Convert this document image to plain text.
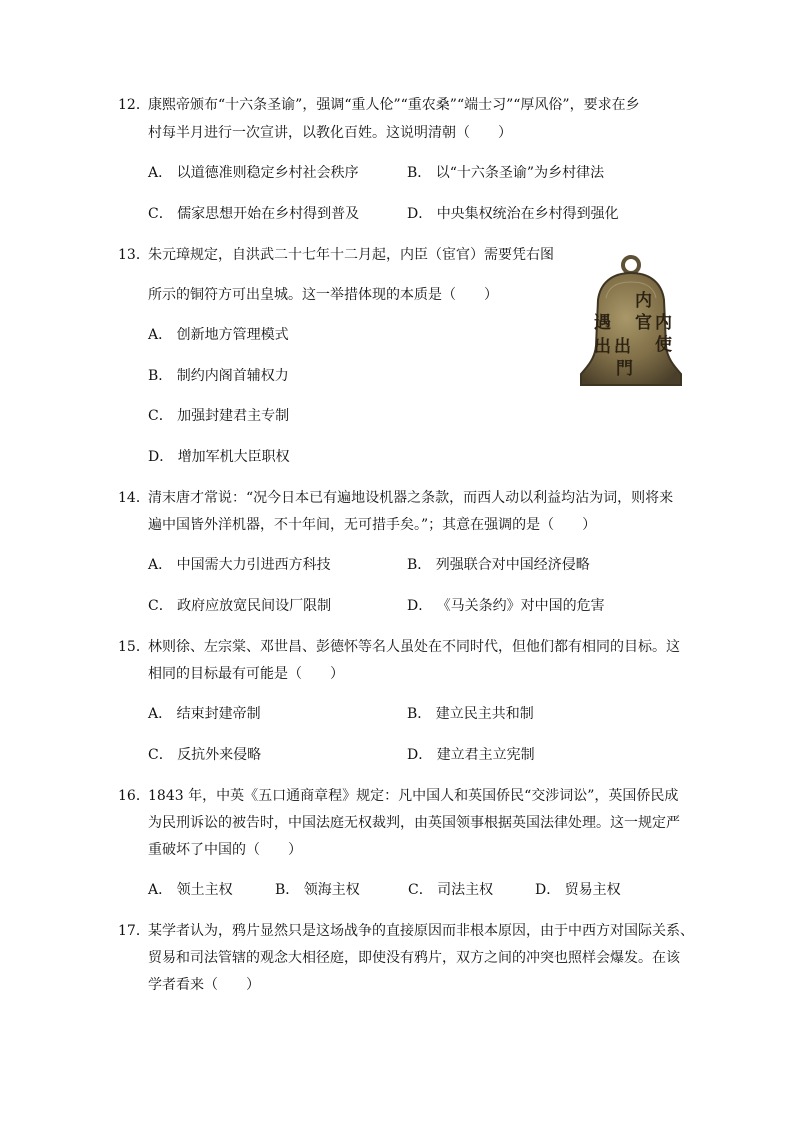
12．
康熙帝颁布“十六条圣谕”，强调“重人伦”“重农桑”“端士习”“厚风俗”，要求在乡
村每半月进行一次宣讲，以教化百姓。这说明清朝（　　）
A． 以道德准则稳定乡村社会秩序	B． 以“十六条圣谕”为乡村律法
C． 儒家思想开始在乡村得到普及	D． 中央集权统治在乡村得到强化
13．
朱元璋规定，自洪武二十七年十二月起，内臣（宦官）需要凭右图
所示的铜符方可出皇城。这一举措体现的本质是（　　）
A． 创新地方管理模式
B． 制约内阁首辅权力
C． 加强封建君主专制
D． 增加军机大臣职权
内
官 内
使
遇
出 出
門
14．
清末唐才常说：“况今日本已有遍地设机器之条款，而西人动以利益均沾为词，则将来
遍中国皆外洋机器，不十年间，无可措手矣。”；其意在强调的是（　　）
A． 中国需大力引进西方科技	B． 列强联合对中国经济侵略
C． 政府应放宽民间设厂限制	D． 《马关条约》对中国的危害
15．
林则徐、左宗棠、邓世昌、彭德怀等名人虽处在不同时代，但他们都有相同的目标。这
相同的目标最有可能是（　　）
A． 结束封建帝制	B． 建立民主共和制
C． 反抗外来侵略	D． 建立君主立宪制
16．
1843 年，中英《五口通商章程》规定：凡中国人和英国侨民“交涉词讼”，英国侨民成
为民刑诉讼的被告时，中国法庭无权裁判，由英国领事根据英国法律处理。这一规定严
重破坏了中国的（　　）
A． 领土主权	B． 领海主权	C． 司法主权	D． 贸易主权
17．
某学者认为，鸦片显然只是这场战争的直接原因而非根本原因，由于中西方对国际关系、
贸易和司法管辖的观念大相径庭，即使没有鸦片，双方之间的冲突也照样会爆发。在该
学者看来（　　）
